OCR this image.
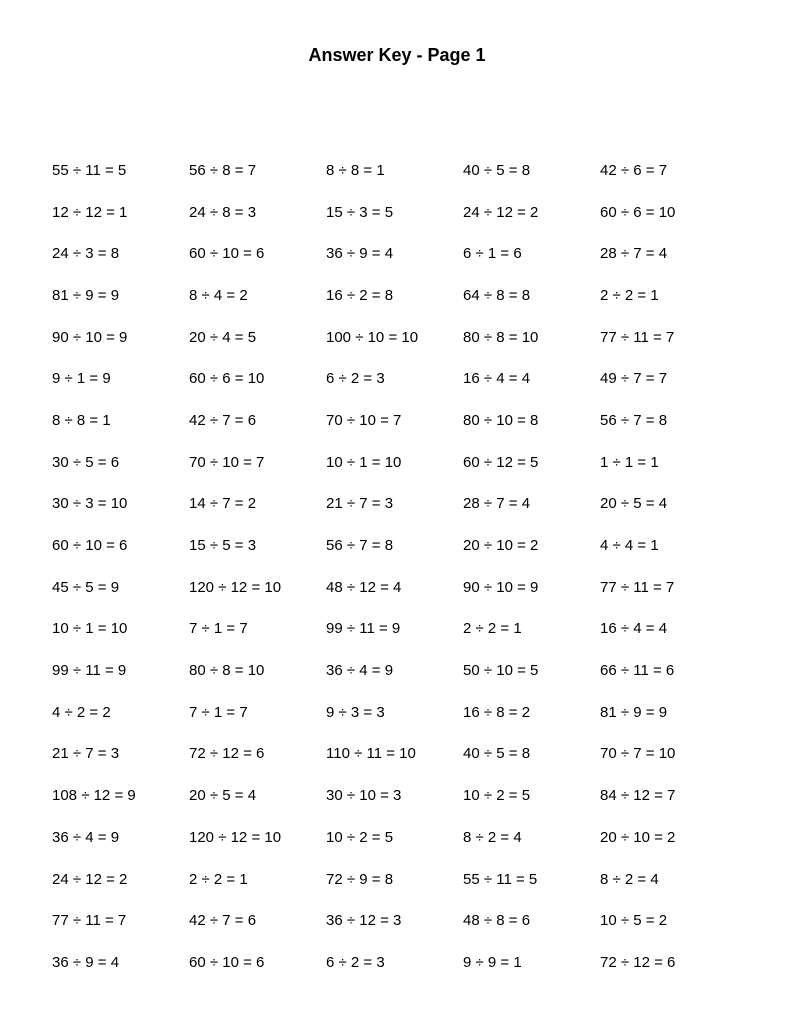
Answer Key - Page 1
55 ÷ 11 = 5	56 ÷ 8 = 7	8 ÷ 8 = 1	40 ÷ 5 = 8	42 ÷ 6 = 7
12 ÷ 12 = 1	24 ÷ 8 = 3	15 ÷ 3 = 5	24 ÷ 12 = 2	60 ÷ 6 = 10
24 ÷ 3 = 8	60 ÷ 10 = 6	36 ÷ 9 = 4	6 ÷ 1 = 6	28 ÷ 7 = 4
81 ÷ 9 = 9	8 ÷ 4 = 2	16 ÷ 2 = 8	64 ÷ 8 = 8	2 ÷ 2 = 1
90 ÷ 10 = 9	20 ÷ 4 = 5	100 ÷ 10 = 10	80 ÷ 8 = 10	77 ÷ 11 = 7
9 ÷ 1 = 9	60 ÷ 6 = 10	6 ÷ 2 = 3	16 ÷ 4 = 4	49 ÷ 7 = 7
8 ÷ 8 = 1	42 ÷ 7 = 6	70 ÷ 10 = 7	80 ÷ 10 = 8	56 ÷ 7 = 8
30 ÷ 5 = 6	70 ÷ 10 = 7	10 ÷ 1 = 10	60 ÷ 12 = 5	1 ÷ 1 = 1
30 ÷ 3 = 10	14 ÷ 7 = 2	21 ÷ 7 = 3	28 ÷ 7 = 4	20 ÷ 5 = 4
60 ÷ 10 = 6	15 ÷ 5 = 3	56 ÷ 7 = 8	20 ÷ 10 = 2	4 ÷ 4 = 1
45 ÷ 5 = 9	120 ÷ 12 = 10	48 ÷ 12 = 4	90 ÷ 10 = 9	77 ÷ 11 = 7
10 ÷ 1 = 10	7 ÷ 1 = 7	99 ÷ 11 = 9	2 ÷ 2 = 1	16 ÷ 4 = 4
99 ÷ 11 = 9	80 ÷ 8 = 10	36 ÷ 4 = 9	50 ÷ 10 = 5	66 ÷ 11 = 6
4 ÷ 2 = 2	7 ÷ 1 = 7	9 ÷ 3 = 3	16 ÷ 8 = 2	81 ÷ 9 = 9
21 ÷ 7 = 3	72 ÷ 12 = 6	110 ÷ 11 = 10	40 ÷ 5 = 8	70 ÷ 7 = 10
108 ÷ 12 = 9	20 ÷ 5 = 4	30 ÷ 10 = 3	10 ÷ 2 = 5	84 ÷ 12 = 7
36 ÷ 4 = 9	120 ÷ 12 = 10	10 ÷ 2 = 5	8 ÷ 2 = 4	20 ÷ 10 = 2
24 ÷ 12 = 2	2 ÷ 2 = 1	72 ÷ 9 = 8	55 ÷ 11 = 5	8 ÷ 2 = 4
77 ÷ 11 = 7	42 ÷ 7 = 6	36 ÷ 12 = 3	48 ÷ 8 = 6	10 ÷ 5 = 2
36 ÷ 9 = 4	60 ÷ 10 = 6	6 ÷ 2 = 3	9 ÷ 9 = 1	72 ÷ 12 = 6
